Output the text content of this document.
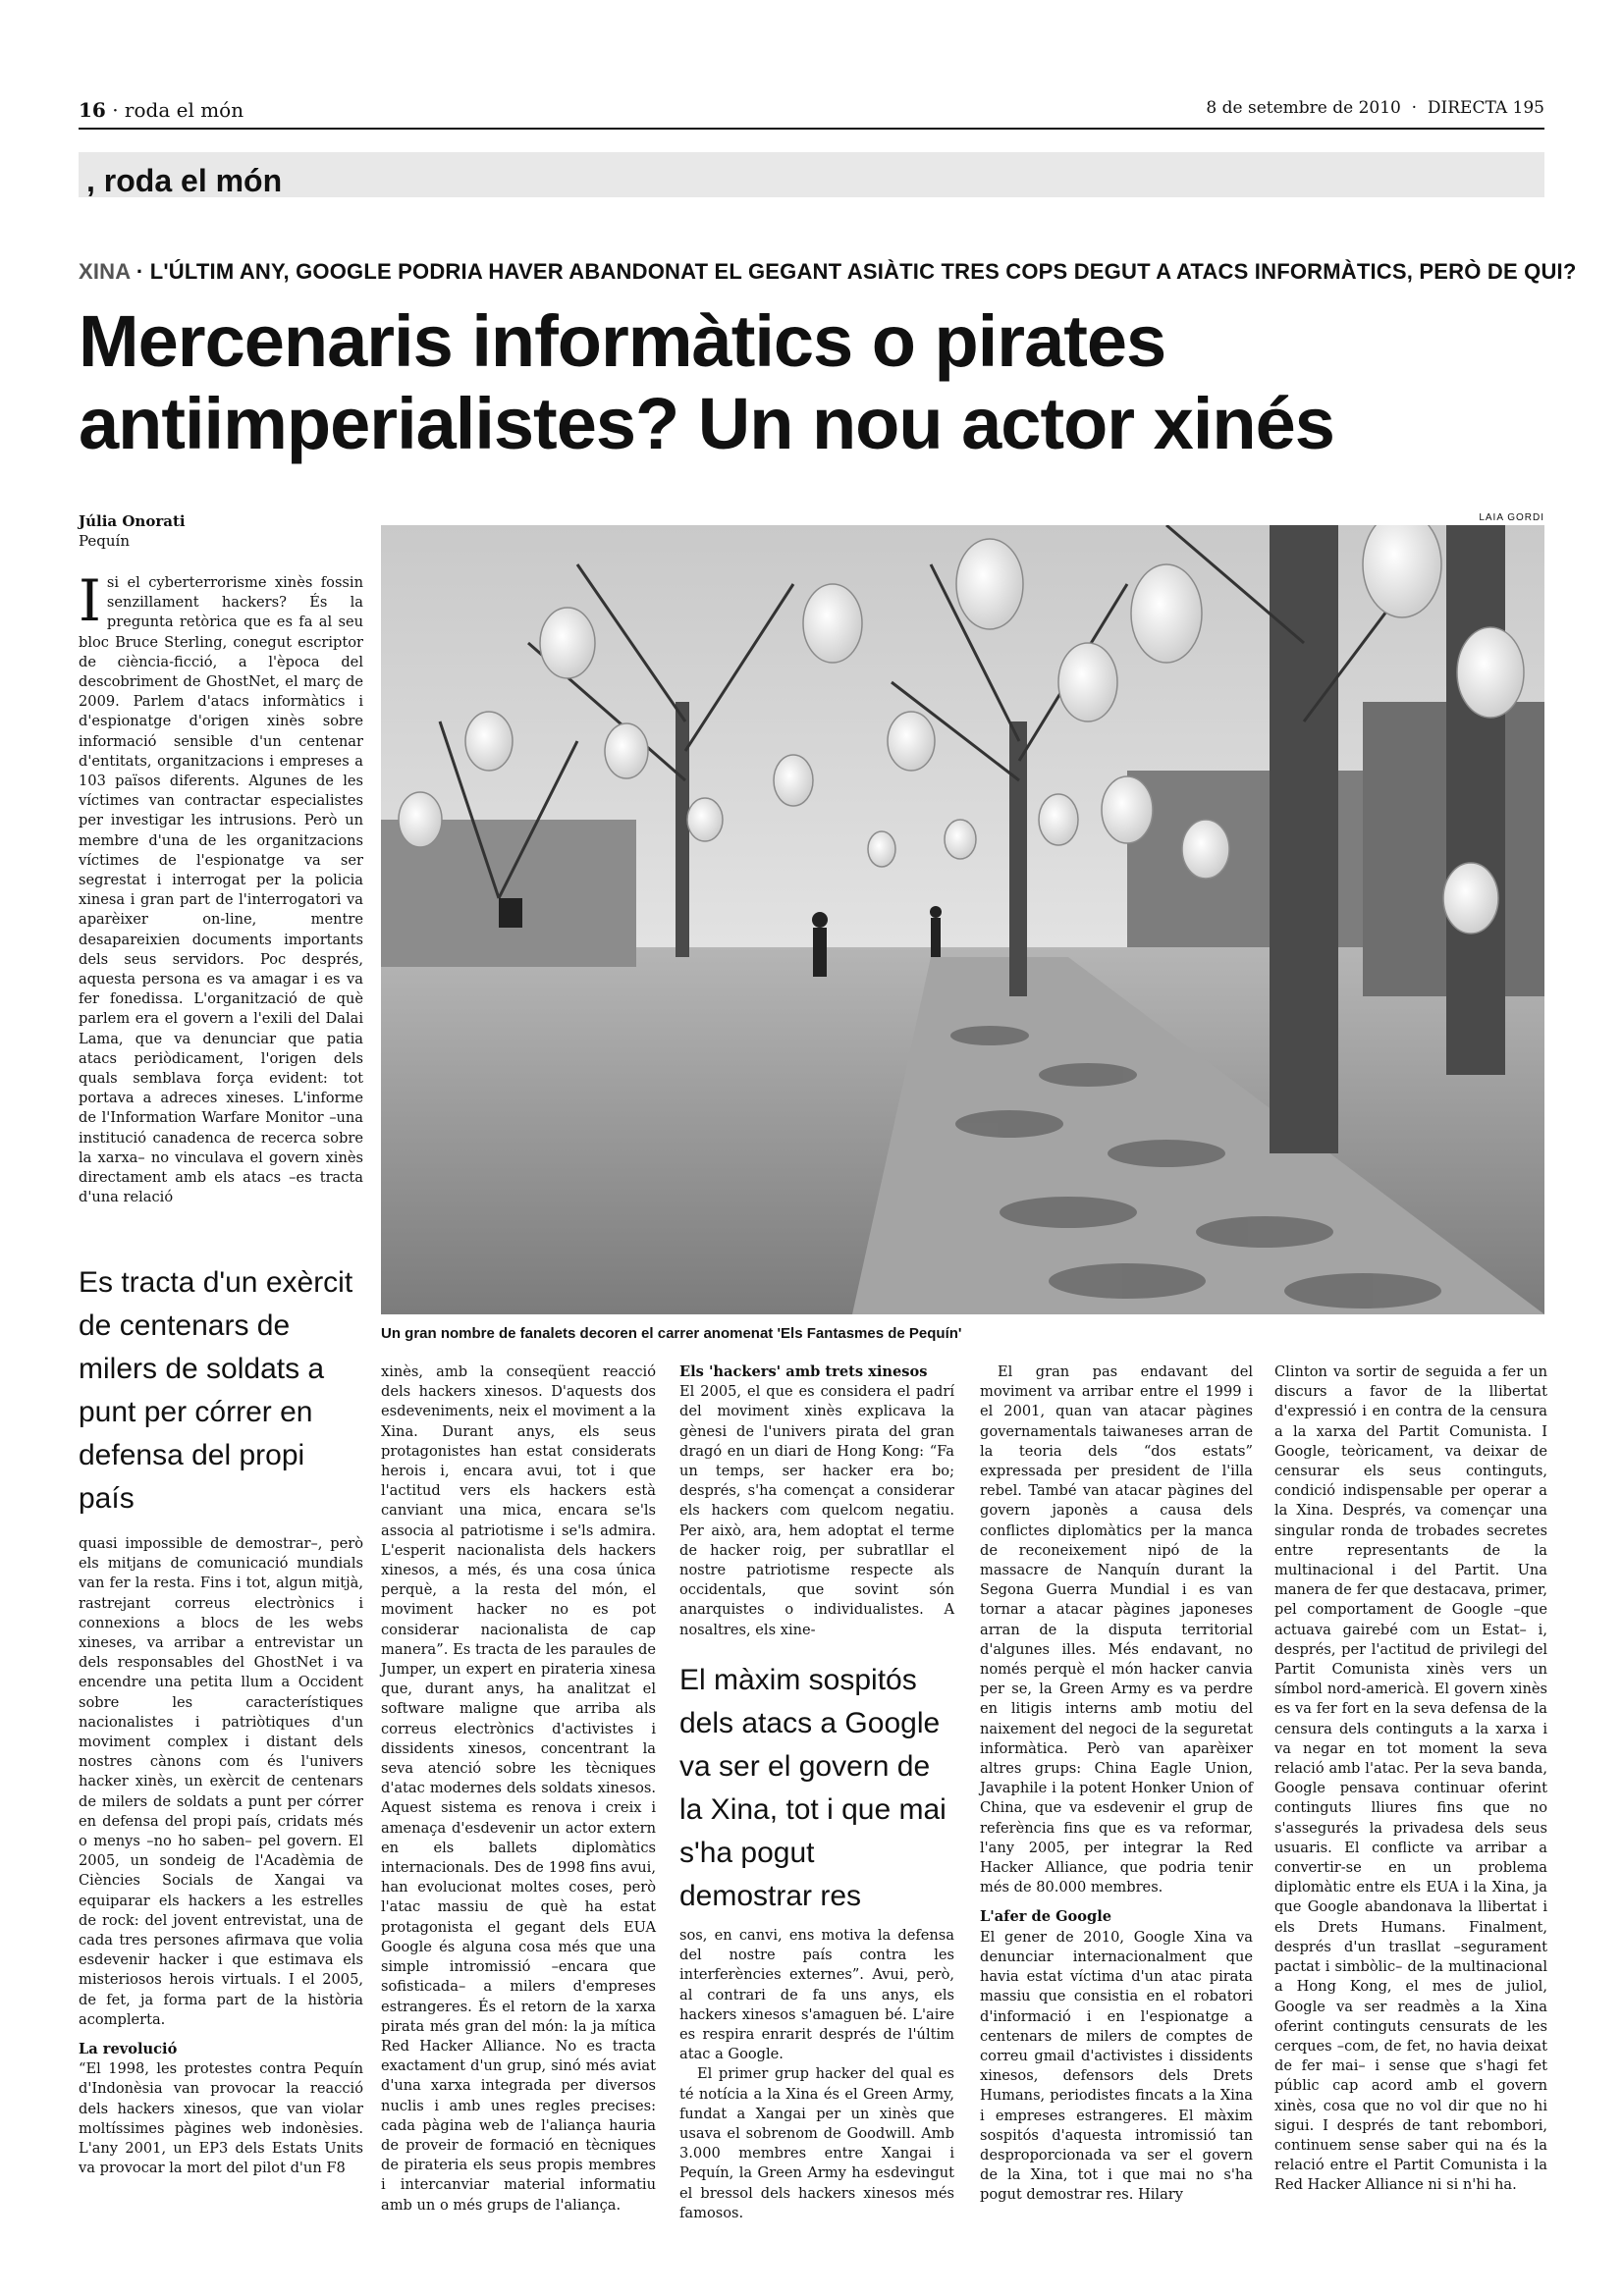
16 · roda el món	8 de setembre de 2010  ·  DIRECTA 195
, roda el món
XINA · L'ÚLTIM ANY, GOOGLE PODRIA HAVER ABANDONAT EL GEGANT ASIÀTIC TRES COPS DEGUT A ATACS INFORMÀTICS, PERÒ DE QUI?
Mercenaris informàtics o pirates
antiimperialistes? Un nou actor xinés
Júlia Onorati
Pequín
LAIA GORDI
Un gran nombre de fanalets decoren el carrer anomenat 'Els Fantasmes de Pequín'

Isi el cyberterrorisme xinès fossin senzillament hackers? És la pregunta retòrica que es fa al seu bloc Bruce Sterling, conegut escriptor de ciència-ficció, a l'època del descobriment de GhostNet, el març de 2009. Parlem d'atacs informàtics i d'espionatge d'origen xinès sobre informació sensible d'un centenar d'entitats, organitzacions i empreses a 103 països diferents. Algunes de les víctimes van contractar especialistes per investigar les intrusions. Però un membre d'una de les organitzacions víctimes de l'espionatge va ser segrestat i interrogat per la policia xinesa i gran part de l'interrogatori va aparèixer on-line, mentre desapareixien documents importants dels seus servidors. Poc després, aquesta persona es va amagar i es va fer fonedissa. L'organització de què parlem era el govern a l'exili del Dalai Lama, que va denunciar que patia atacs periòdicament, l'origen dels quals semblava força evident: tot portava a adreces xineses. L'informe de l'Information Warfare Monitor –una institució canadenca de recerca sobre la xarxa– no vinculava el govern xinès directament amb els atacs –es tracta d'una relació

Es tracta d'un exèrcit de centenars de milers de soldats a punt per córrer en defensa del propi país

quasi impossible de demostrar–, però els mitjans de comunicació mundials van fer la resta. Fins i tot, algun mitjà, rastrejant correus electrònics i connexions a blocs de les webs xineses, va arribar a entrevistar un dels responsables del GhostNet i va encendre una petita llum a Occident sobre les característiques nacionalistes i patriòtiques d'un moviment complex i distant dels nostres cànons com és l'univers hacker xinès, un exèrcit de centenars de milers de soldats a punt per córrer en defensa del propi país, cridats més o menys –no ho saben– pel govern. El 2005, un sondeig de l'Acadèmia de Ciències Socials de Xangai va equiparar els hackers a les estrelles de rock: del jovent entrevistat, una de cada tres persones afirmava que volia esdevenir hacker i que estimava els misteriosos herois virtuals. I el 2005, de fet, ja forma part de la història acomplerta.

La revolució

“El 1998, les protestes contra Pequín d'Indonèsia van provocar la reacció dels hackers xinesos, que van violar moltíssimes pàgines web indonèsies. L'any 2001, un EP3 dels Estats Units va provocar la mort del pilot d'un F8

xinès, amb la conseqüent reacció dels hackers xinesos. D'aquests dos esdeveniments, neix el moviment a la Xina. Durant anys, els seus protagonistes han estat considerats herois i, encara avui, tot i que l'actitud vers els hackers està canviant una mica, encara se'ls associa al patriotisme i se'ls admira. L'esperit nacionalista dels hackers xinesos, a més, és una cosa única perquè, a la resta del món, el moviment hacker no es pot considerar nacionalista de cap manera”. Es tracta de les paraules de Jumper, un expert en pirateria xinesa que, durant anys, ha analitzat el software maligne que arriba als correus electrònics d'activistes i dissidents xinesos, concentrant la seva atenció sobre les tècniques d'atac modernes dels soldats xinesos. Aquest sistema es renova i creix i amenaça d'esdevenir un actor extern en els ballets diplomàtics internacionals. Des de 1998 fins avui, han evolucionat moltes coses, però l'atac massiu de què ha estat protagonista el gegant dels EUA Google és alguna cosa més que una simple intromissió –encara que sofisticada– a milers d'empreses estrangeres. És el retorn de la xarxa pirata més gran del món: la ja mítica Red Hacker Alliance. No es tracta exactament d'un grup, sinó més aviat d'una xarxa integrada per diversos nuclis i amb unes regles precises: cada pàgina web de l'aliança hauria de proveir de formació en tècniques de pirateria els seus propis membres i intercanviar material informatiu amb un o més grups de l'aliança.

Els 'hackers' amb trets xinesos

El 2005, el que es considera el padrí del moviment xinès explicava la gènesi de l'univers pirata del gran dragó en un diari de Hong Kong: “Fa un temps, ser hacker era bo; després, s'ha començat a considerar els hackers com quelcom negatiu. Per això, ara, hem adoptat el terme de hacker roig, per subratllar el nostre patriotisme respecte als occidentals, que sovint són anarquistes o individualistes. A nosaltres, els xine-

El màxim sospitós dels atacs a Google va ser el govern de la Xina, tot i que mai s'ha pogut demostrar res

sos, en canvi, ens motiva la defensa del nostre país contra les interferències externes”. Avui, però, al contrari de fa uns anys, els hackers xinesos s'amaguen bé. L'aire es respira enrarit després de l'últim atac a Google.

El primer grup hacker del qual es té notícia a la Xina és el Green Army, fundat a Xangai per un xinès que usava el sobrenom de Goodwill. Amb 3.000 membres entre Xangai i Pequín, la Green Army ha esdevingut el bressol dels hackers xinesos més famosos.

El gran pas endavant del moviment va arribar entre el 1999 i el 2001, quan van atacar pàgines governamentals taiwaneses arran de la teoria dels “dos estats” expressada per president de l'illa rebel. També van atacar pàgines del govern japonès a causa dels conflictes diplomàtics per la manca de reconeixement nipó de la massacre de Nanquín durant la Segona Guerra Mundial i es van tornar a atacar pàgines japoneses arran de la disputa territorial d'algunes illes. Més endavant, no només perquè el món hacker canvia per se, la Green Army es va perdre en litigis interns amb motiu del naixement del negoci de la seguretat informàtica. Però van aparèixer altres grups: China Eagle Union, Javaphile i la potent Honker Union of China, que va esdevenir el grup de referència fins que es va reformar, l'any 2005, per integrar la Red Hacker Alliance, que podria tenir més de 80.000 membres.

L'afer de Google

El gener de 2010, Google Xina va denunciar internacionalment que havia estat víctima d'un atac pirata massiu que consistia en el robatori d'informació i en l'espionatge a centenars de milers de comptes de correu gmail d'activistes i dissidents xinesos, defensors dels Drets Humans, periodistes fincats a la Xina i empreses estrangeres. El màxim sospitós d'aquesta intromissió tan desproporcionada va ser el govern de la Xina, tot i que mai no s'ha pogut demostrar res. Hilary

Clinton va sortir de seguida a fer un discurs a favor de la llibertat d'expressió i en contra de la censura a la xarxa del Partit Comunista. I Google, teòricament, va deixar de censurar els seus continguts, condició indispensable per operar a la Xina. Després, va començar una singular ronda de trobades secretes entre representants de la multinacional i del Partit. Una manera de fer que destacava, primer, pel comportament de Google –que actuava gairebé com un Estat– i, després, per l'actitud de privilegi del Partit Comunista xinès vers un símbol nord-americà. El govern xinès es va fer fort en la seva defensa de la censura dels continguts a la xarxa i va negar en tot moment la seva relació amb l'atac. Per la seva banda, Google pensava continuar oferint continguts lliures fins que no s'assegurés la privadesa dels seus usuaris. El conflicte va arribar a convertir-se en un problema diplomàtic entre els EUA i la Xina, ja que Google abandonava la llibertat i els Drets Humans. Finalment, després d'un trasllat –segurament pactat i simbòlic– de la multinacional a Hong Kong, el mes de juliol, Google va ser readmès a la Xina oferint continguts censurats de les cerques –com, de fet, no havia deixat de fer mai– i sense que s'hagi fet públic cap acord amb el govern xinès, cosa que no vol dir que no hi sigui. I després de tant rebombori, continuem sense saber qui na és la relació entre el Partit Comunista i la Red Hacker Alliance ni si n'hi ha.
